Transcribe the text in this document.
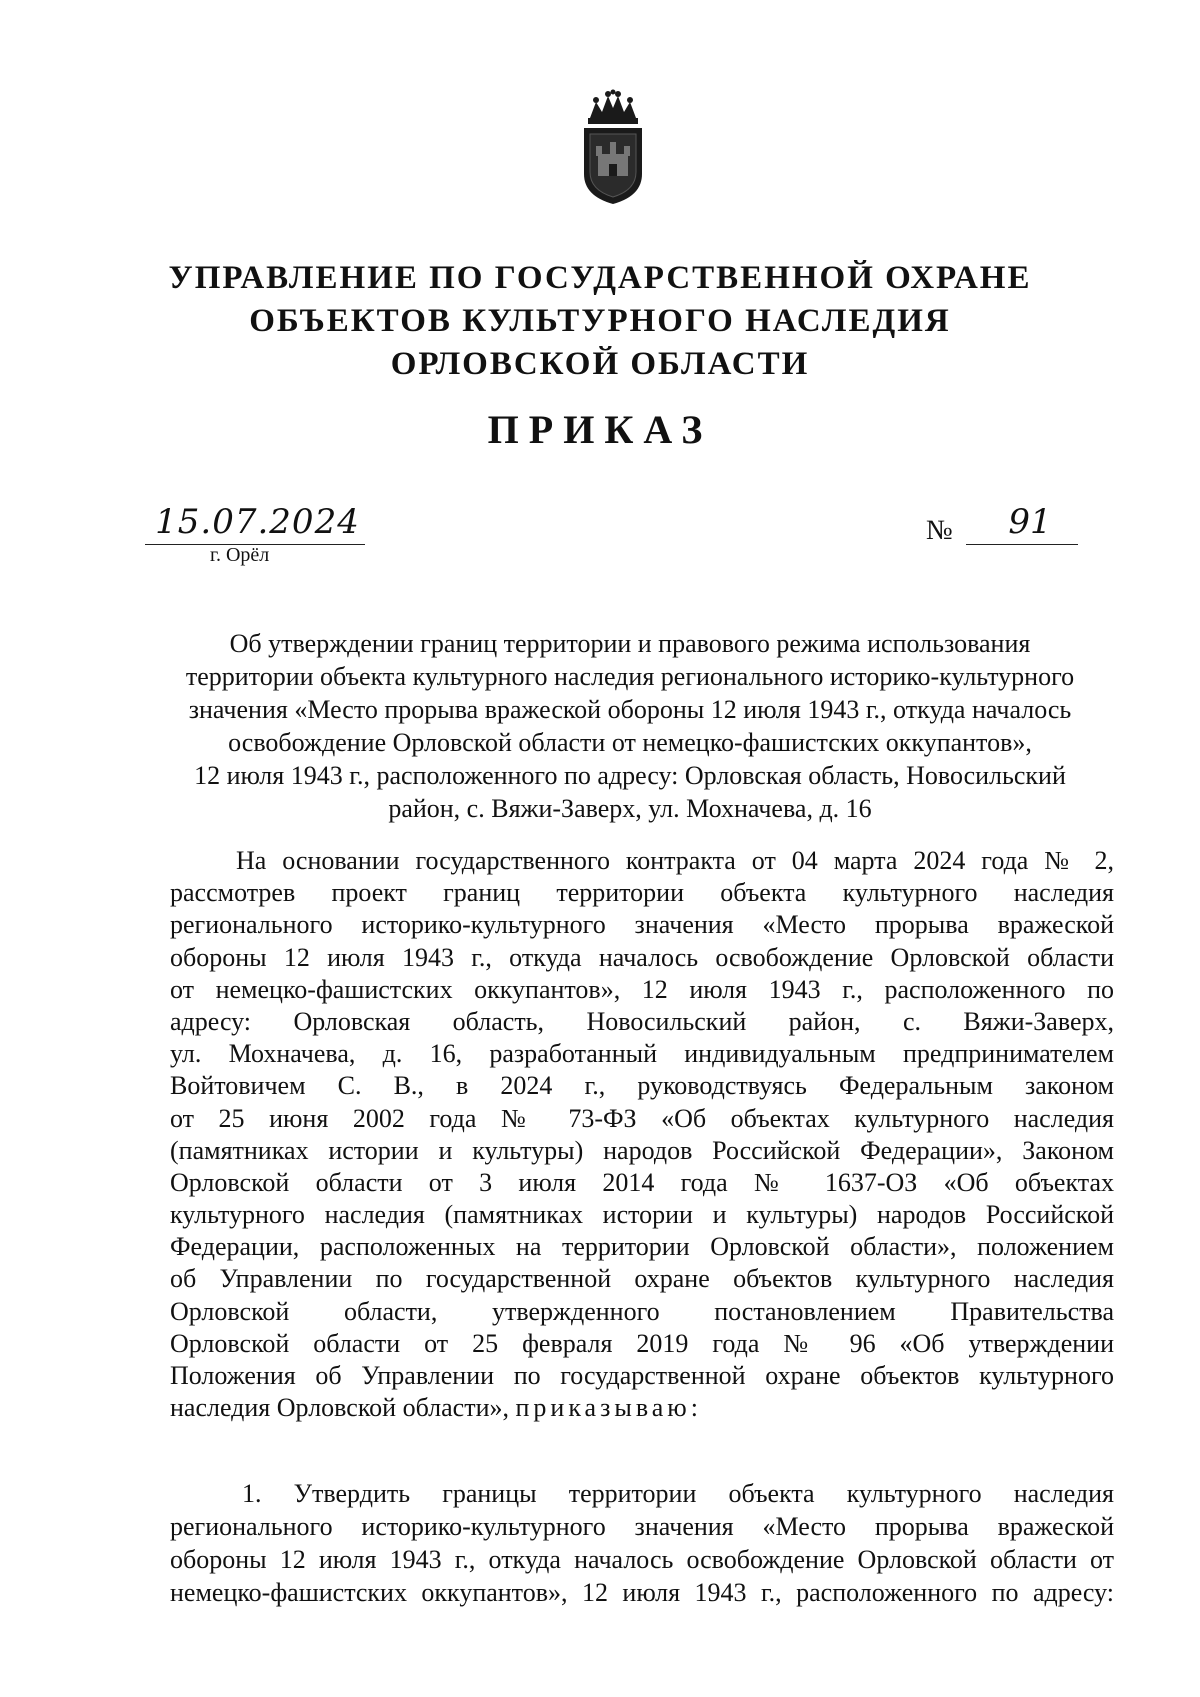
УПРАВЛЕНИЕ ПО ГОСУДАРСТВЕННОЙ ОХРАНЕ
ОБЪЕКТОВ КУЛЬТУРНОГО НАСЛЕДИЯ
ОРЛОВСКОЙ ОБЛАСТИ
ПРИКАЗ
15.07.2024
г. Орёл
№	91
Об утверждении границ территории и правового режима использования
территории объекта культурного наследия регионального историко-культурного
значения «Место прорыва вражеской обороны 12 июля 1943 г., откуда началось
освобождение Орловской области от немецко-фашистских оккупантов»,
12 июля 1943 г., расположенного по адресу: Орловская область, Новосильский
район, с. Вяжи-Заверх, ул. Мохначева, д. 16
На основании государственного контракта от 04 марта 2024 года № 2,
рассмотрев проект границ территории объекта культурного наследия
регионального историко-культурного значения «Место прорыва вражеской
обороны 12 июля 1943 г., откуда началось освобождение Орловской области
от немецко-фашистских оккупантов», 12 июля 1943 г., расположенного по
адресу: Орловская область, Новосильский район, с. Вяжи-Заверх,
ул. Мохначева, д. 16, разработанный индивидуальным предпринимателем
Войтовичем С. В., в 2024 г., руководствуясь Федеральным законом
от 25 июня 2002 года № 73-ФЗ «Об объектах культурного наследия
(памятниках истории и культуры) народов Российской Федерации», Законом
Орловской области от 3 июля 2014 года № 1637-ОЗ «Об объектах
культурного наследия (памятниках истории и культуры) народов Российской
Федерации, расположенных на территории Орловской области», положением
об Управлении по государственной охране объектов культурного наследия
Орловской области, утвержденного постановлением Правительства
Орловской области от 25 февраля 2019 года № 96 «Об утверждении
Положения об Управлении по государственной охране объектов культурного
наследия Орловской области», приказываю:
1. Утвердить границы территории объекта культурного наследия
регионального историко-культурного значения «Место прорыва вражеской
обороны 12 июля 1943 г., откуда началось освобождение Орловской области от
немецко-фашистских оккупантов», 12 июля 1943 г., расположенного по адресу:
